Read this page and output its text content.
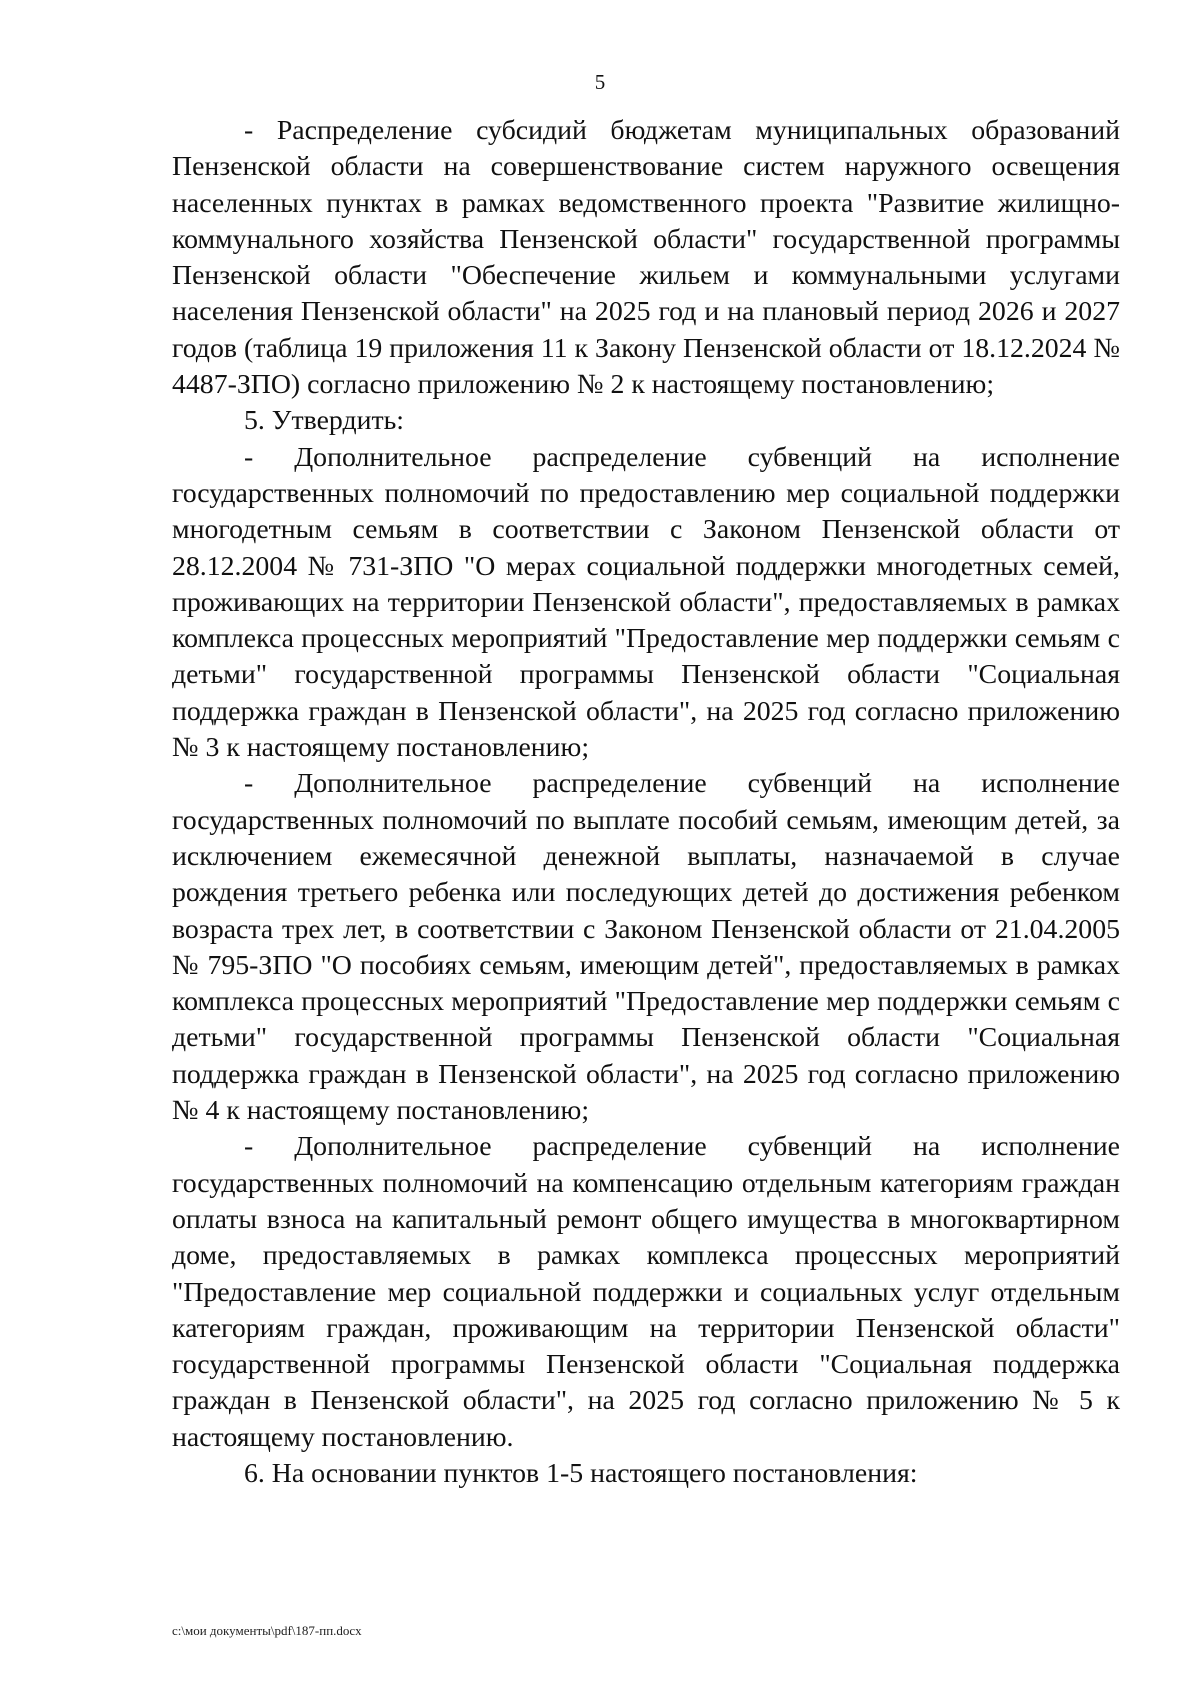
5

- Распределение субсидий бюджетам муниципальных образований Пензенской области на совершенствование систем наружного освещения населенных пунктах в рамках ведомственного проекта "Развитие жилищно-коммунального хозяйства Пензенской области" государственной программы Пензенской области "Обеспечение жильем и коммунальными услугами населения Пензенской области" на 2025 год и на плановый период 2026 и 2027 годов (таблица 19 приложения 11 к Закону Пензенской области от 18.12.2024 № 4487-ЗПО) согласно приложению № 2 к настоящему постановлению;

5. Утвердить:

- Дополнительное распределение субвенций на исполнение государственных полномочий по предоставлению мер социальной поддержки многодетным семьям в соответствии с Законом Пензенской области от 28.12.2004 № 731-ЗПО "О мерах социальной поддержки многодетных семей, проживающих на территории Пензенской области", предоставляемых в рамках комплекса процессных мероприятий "Предоставление мер поддержки семьям с детьми" государственной программы Пензенской области "Социальная поддержка граждан в Пензенской области", на 2025 год согласно приложению № 3 к настоящему постановлению;

- Дополнительное распределение субвенций на исполнение государственных полномочий по выплате пособий семьям, имеющим детей, за исключением ежемесячной денежной выплаты, назначаемой в случае рождения третьего ребенка или последующих детей до достижения ребенком возраста трех лет, в соответствии с Законом Пензенской области от 21.04.2005 № 795-ЗПО "О пособиях семьям, имеющим детей", предоставляемых в рамках комплекса процессных мероприятий "Предоставление мер поддержки семьям с детьми" государственной программы Пензенской области "Социальная поддержка граждан в Пензенской области", на 2025 год согласно приложению № 4 к настоящему постановлению;

- Дополнительное распределение субвенций на исполнение государственных полномочий на компенсацию отдельным категориям граждан оплаты взноса на капитальный ремонт общего имущества в многоквартирном доме, предоставляемых в рамках комплекса процессных мероприятий "Предоставление мер социальной поддержки и социальных услуг отдельным категориям граждан, проживающим на территории Пензенской области" государственной программы Пензенской области "Социальная поддержка граждан в Пензенской области", на 2025 год согласно приложению № 5 к настоящему постановлению.

6. На основании пунктов 1-5 настоящего постановления:

c:\мои документы\pdf\187-пп.docx
